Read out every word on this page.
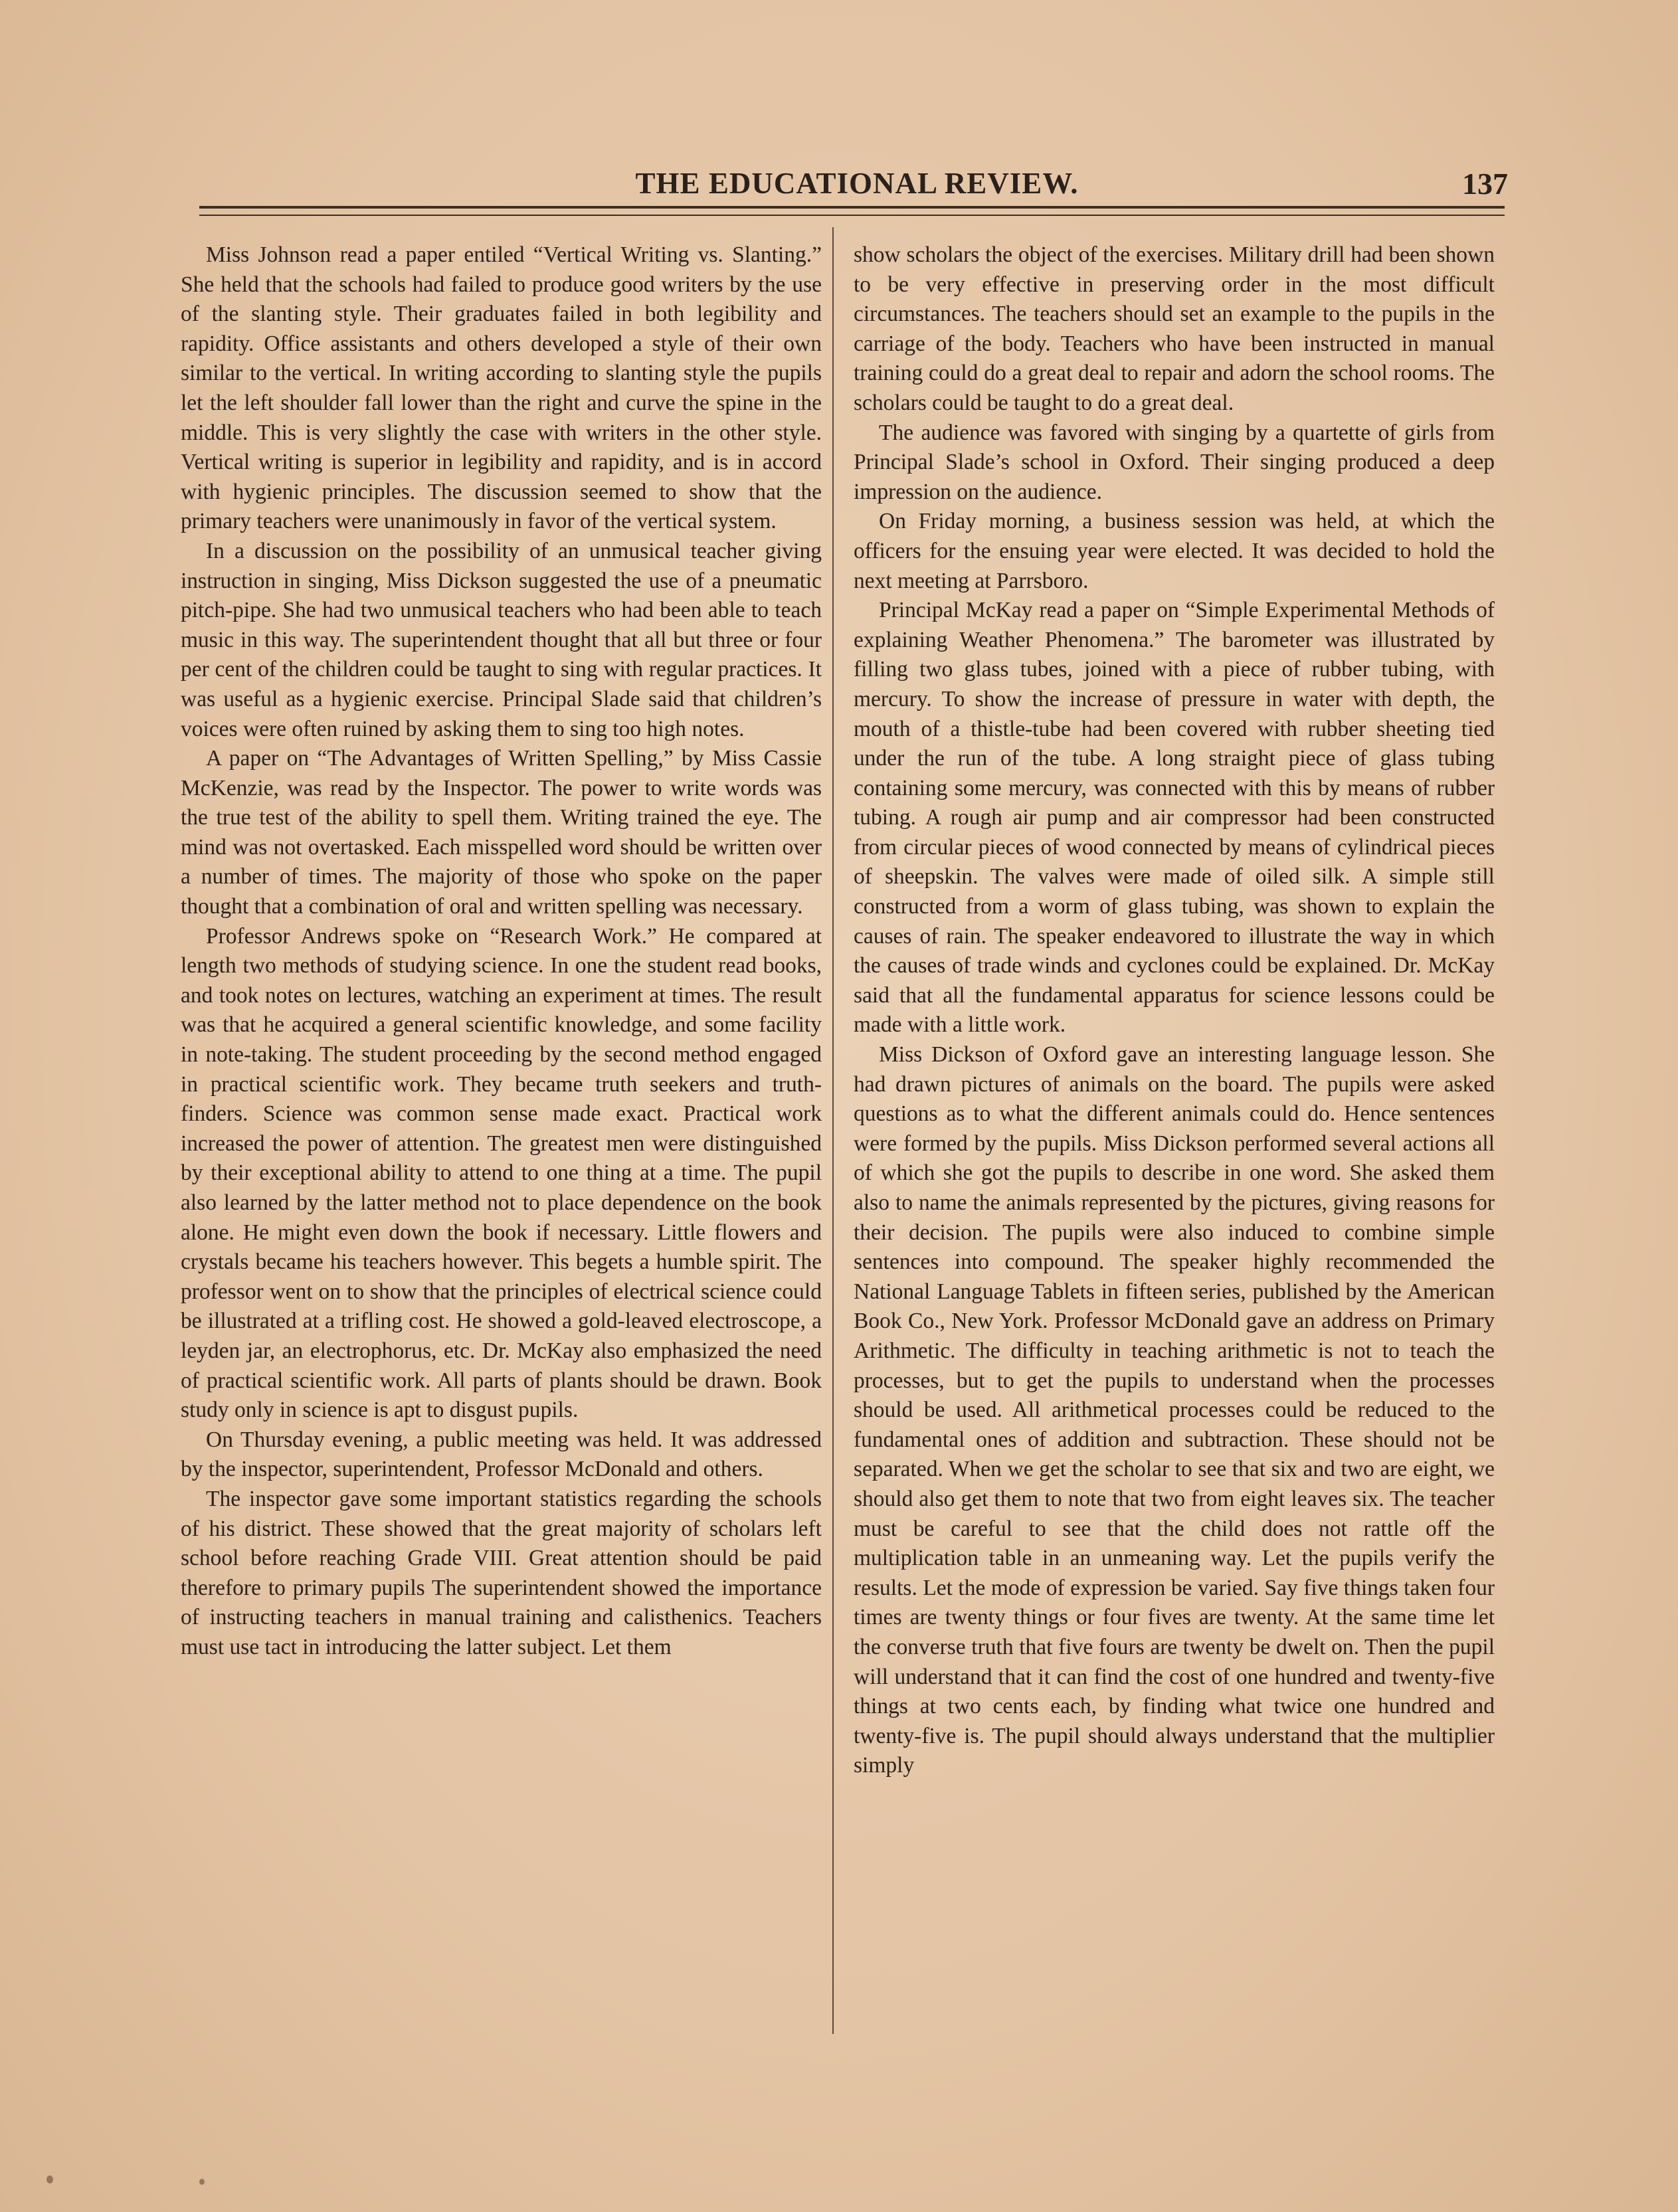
THE EDUCATIONAL REVIEW.	137

Miss Johnson read a paper entiled “Vertical Writing vs. Slanting.” She held that the schools had failed to produce good writers by the use of the slanting style. Their graduates failed in both legibility and rapidity. Office assistants and others developed a style of their own similar to the vertical. In writing according to slanting style the pupils let the left shoulder fall lower than the right and curve the spine in the middle. This is very slightly the case with writers in the other style. Vertical writing is superior in legibility and rapidity, and is in accord with hygienic principles. The discussion seemed to show that the primary teachers were unanimously in favor of the vertical system.

In a discussion on the possibility of an unmusical teacher giving instruction in singing, Miss Dickson suggested the use of a pneumatic pitch-pipe. She had two unmusical teachers who had been able to teach music in this way. The superintendent thought that all but three or four per cent of the children could be taught to sing with regular practices. It was useful as a hygienic exercise. Principal Slade said that children’s voices were often ruined by asking them to sing too high notes.

A paper on “The Advantages of Written Spelling,” by Miss Cassie McKenzie, was read by the Inspector. The power to write words was the true test of the ability to spell them. Writing trained the eye. The mind was not overtasked. Each misspelled word should be written over a number of times. The majority of those who spoke on the paper thought that a combination of oral and written spelling was necessary.

Professor Andrews spoke on “Research Work.” He compared at length two methods of studying science. In one the student read books, and took notes on lectures, watching an experiment at times. The result was that he acquired a general scientific knowledge, and some facility in note-taking. The student proceeding by the second method engaged in practical scientific work. They became truth seekers and truth-finders. Science was common sense made exact. Practical work increased the power of attention. The greatest men were distinguished by their exceptional ability to attend to one thing at a time. The pupil also learned by the latter method not to place dependence on the book alone. He might even down the book if necessary. Little flowers and crystals became his teachers however. This begets a humble spirit. The professor went on to show that the principles of electrical science could be illustrated at a trifling cost. He showed a gold-leaved electroscope, a leyden jar, an electrophorus, etc. Dr. McKay also emphasized the need of practical scientific work. All parts of plants should be drawn. Book study only in science is apt to disgust pupils.

On Thursday evening, a public meeting was held. It was addressed by the inspector, superintendent, Professor McDonald and others.

The inspector gave some important statistics regarding the schools of his district. These showed that the great majority of scholars left school before reaching Grade VIII. Great attention should be paid therefore to primary pupils The superintendent showed the importance of instructing teachers in manual training and calisthenics. Teachers must use tact in introducing the latter subject. Let them

show scholars the object of the exercises. Military drill had been shown to be very effective in preserving order in the most difficult circumstances. The teachers should set an example to the pupils in the carriage of the body. Teachers who have been instructed in manual training could do a great deal to repair and adorn the school rooms. The scholars could be taught to do a great deal.

The audience was favored with singing by a quartette of girls from Principal Slade’s school in Oxford. Their singing produced a deep impression on the audience.

On Friday morning, a business session was held, at which the officers for the ensuing year were elected. It was decided to hold the next meeting at Parrsboro.

Principal McKay read a paper on “Simple Experimental Methods of explaining Weather Phenomena.” The barometer was illustrated by filling two glass tubes, joined with a piece of rubber tubing, with mercury. To show the increase of pressure in water with depth, the mouth of a thistle-tube had been covered with rubber sheeting tied under the run of the tube. A long straight piece of glass tubing containing some mercury, was connected with this by means of rubber tubing. A rough air pump and air compressor had been constructed from circular pieces of wood connected by means of cylindrical pieces of sheepskin. The valves were made of oiled silk. A simple still constructed from a worm of glass tubing, was shown to explain the causes of rain. The speaker endeavored to illustrate the way in which the causes of trade winds and cyclones could be explained. Dr. McKay said that all the fundamental apparatus for science lessons could be made with a little work.

Miss Dickson of Oxford gave an interesting language lesson. She had drawn pictures of animals on the board. The pupils were asked questions as to what the different animals could do. Hence sentences were formed by the pupils. Miss Dickson performed several actions all of which she got the pupils to describe in one word. She asked them also to name the animals represented by the pictures, giving reasons for their decision. The pupils were also induced to combine simple sentences into compound. The speaker highly recommended the National Language Tablets in fifteen series, published by the American Book Co., New York. Professor McDonald gave an address on Primary Arithmetic. The difficulty in teaching arithmetic is not to teach the processes, but to get the pupils to understand when the processes should be used. All arithmetical processes could be reduced to the fundamental ones of addition and subtraction. These should not be separated. When we get the scholar to see that six and two are eight, we should also get them to note that two from eight leaves six. The teacher must be careful to see that the child does not rattle off the multiplication table in an unmeaning way. Let the pupils verify the results. Let the mode of expression be varied. Say five things taken four times are twenty things or four fives are twenty. At the same time let the converse truth that five fours are twenty be dwelt on. Then the pupil will understand that it can find the cost of one hundred and twenty-five things at two cents each, by finding what twice one hundred and twenty-five is. The pupil should always understand that the multiplier simply
